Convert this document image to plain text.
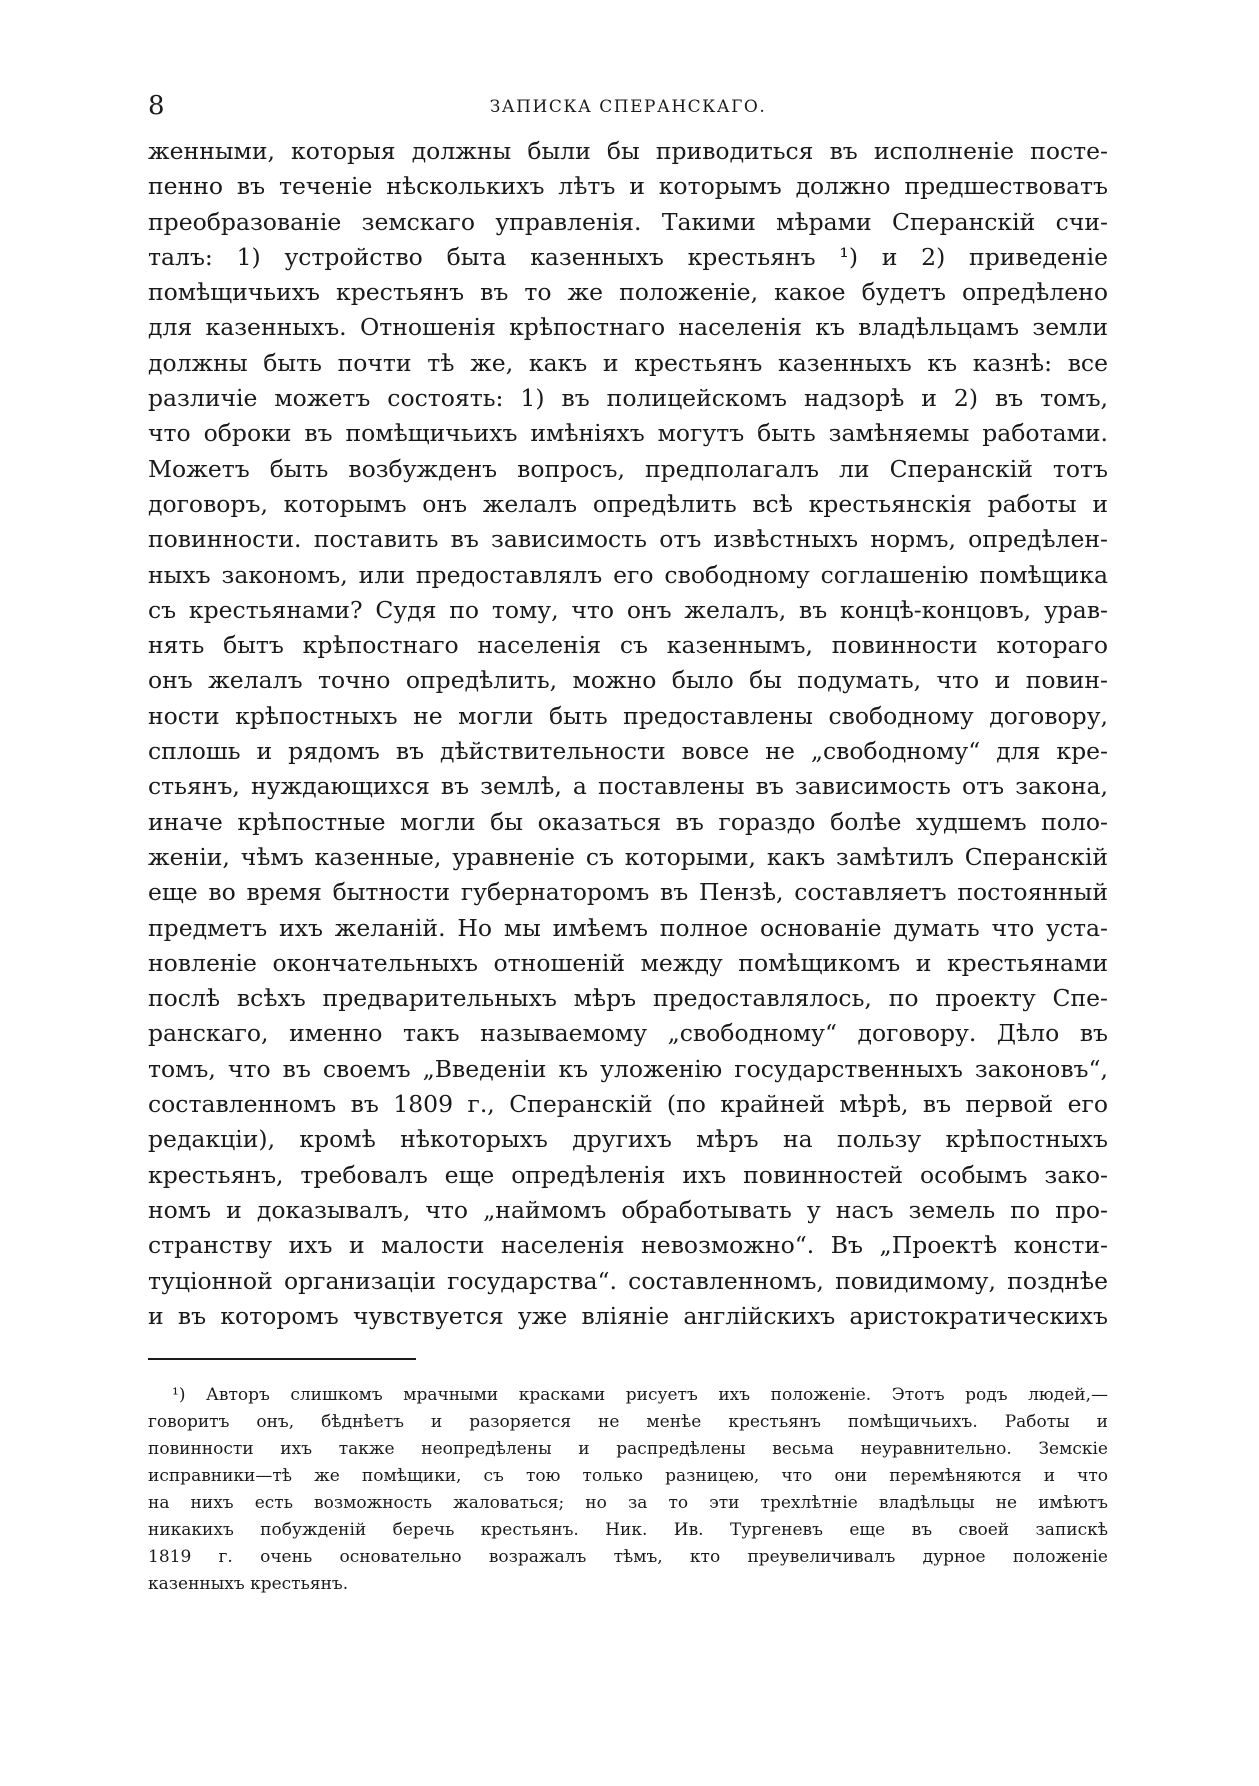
8	ЗАПИСКА СПЕРАНСКАГО.
женными, которыя должны были бы приводиться въ исполненіе посте-
пенно въ теченіе нѣсколькихъ лѣтъ и которымъ должно предшествоватъ
преобразованіе земскаго управленія. Такими мѣрами Сперанскій счи-
талъ: 1) устройство быта казенныхъ крестьянъ ¹) и 2) приведеніе
помѣщичьихъ крестьянъ въ то же положеніе, какое будетъ опредѣлено
для казенныхъ. Отношенія крѣпостнаго населенія къ владѣльцамъ земли
должны быть почти тѣ же, какъ и крестьянъ казенныхъ къ казнѣ: все
различіе можетъ состоять: 1) въ полицейскомъ надзорѣ и 2) въ томъ,
что оброки въ помѣщичьихъ имѣніяхъ могутъ быть замѣняемы работами.
Можетъ быть возбужденъ вопросъ, предполагалъ ли Сперанскій тотъ
договоръ, которымъ онъ желалъ опредѣлить всѣ крестьянскія работы и
повинности. поставить въ зависимость отъ извѣстныхъ нормъ, опредѣлен-
ныхъ закономъ, или предоставлялъ его свободному соглашенію помѣщика
съ крестьянами? Судя по тому, что онъ желалъ, въ концѣ-концовъ, урав-
нять бытъ крѣпостнаго населенія съ казеннымъ, повинности котораго
онъ желалъ точно опредѣлить, можно было бы подумать, что и повин-
ности крѣпостныхъ не могли быть предоставлены свободному договору,
сплошь и рядомъ въ дѣйствительности вовсе не „свободному“ для кре-
стьянъ, нуждающихся въ землѣ, а поставлены въ зависимость отъ закона,
иначе крѣпостные могли бы оказаться въ гораздо болѣе худшемъ поло-
женіи, чѣмъ казенные, уравненіе съ которыми, какъ замѣтилъ Сперанскій
еще во время бытности губернаторомъ въ Пензѣ, составляетъ постоянный
предметъ ихъ желаній. Но мы имѣемъ полное основаніе думать что уста-
новленіе окончательныхъ отношеній между помѣщикомъ и крестьянами
послѣ всѣхъ предварительныхъ мѣръ предоставлялось, по проекту Спе-
ранскаго, именно такъ называемому „свободному“ договору. Дѣло въ
томъ, что въ своемъ „Введеніи къ уложенію государственныхъ законовъ“,
составленномъ въ 1809 г., Сперанскій (по крайней мѣрѣ, въ первой его
редакціи), кромѣ нѣкоторыхъ другихъ мѣръ на пользу крѣпостныхъ
крестьянъ, требовалъ еще опредѣленія ихъ повинностей особымъ зако-
номъ и доказывалъ, что „наймомъ обработывать у насъ земель по про-
странству ихъ и малости населенія невозможно“. Въ „Проектѣ консти-
туціонной организаціи государства“. составленномъ, повидимому, позднѣе
и въ которомъ чувствуется уже вліяніе англійскихъ аристократическихъ
¹) Авторъ слишкомъ мрачными красками рисуетъ ихъ положеніе. Этотъ родъ людей,—
говоритъ онъ, бѣднѣетъ и разоряется не менѣе крестьянъ помѣщичьихъ. Работы и
повинности ихъ также неопредѣлены и распредѣлены весьма неуравнительно. Земскіе
исправники—тѣ же помѣщики, съ тою только разницею, что они перемѣняются и что
на нихъ есть возможность жаловаться; но за то эти трехлѣтніе владѣльцы не имѣютъ
никакихъ побужденій беречь крестьянъ. Ник. Ив. Тургеневъ еще въ своей запискѣ
1819 г. очень основательно возражалъ тѣмъ, кто преувеличивалъ дурное положеніе
казенныхъ крестьянъ.
